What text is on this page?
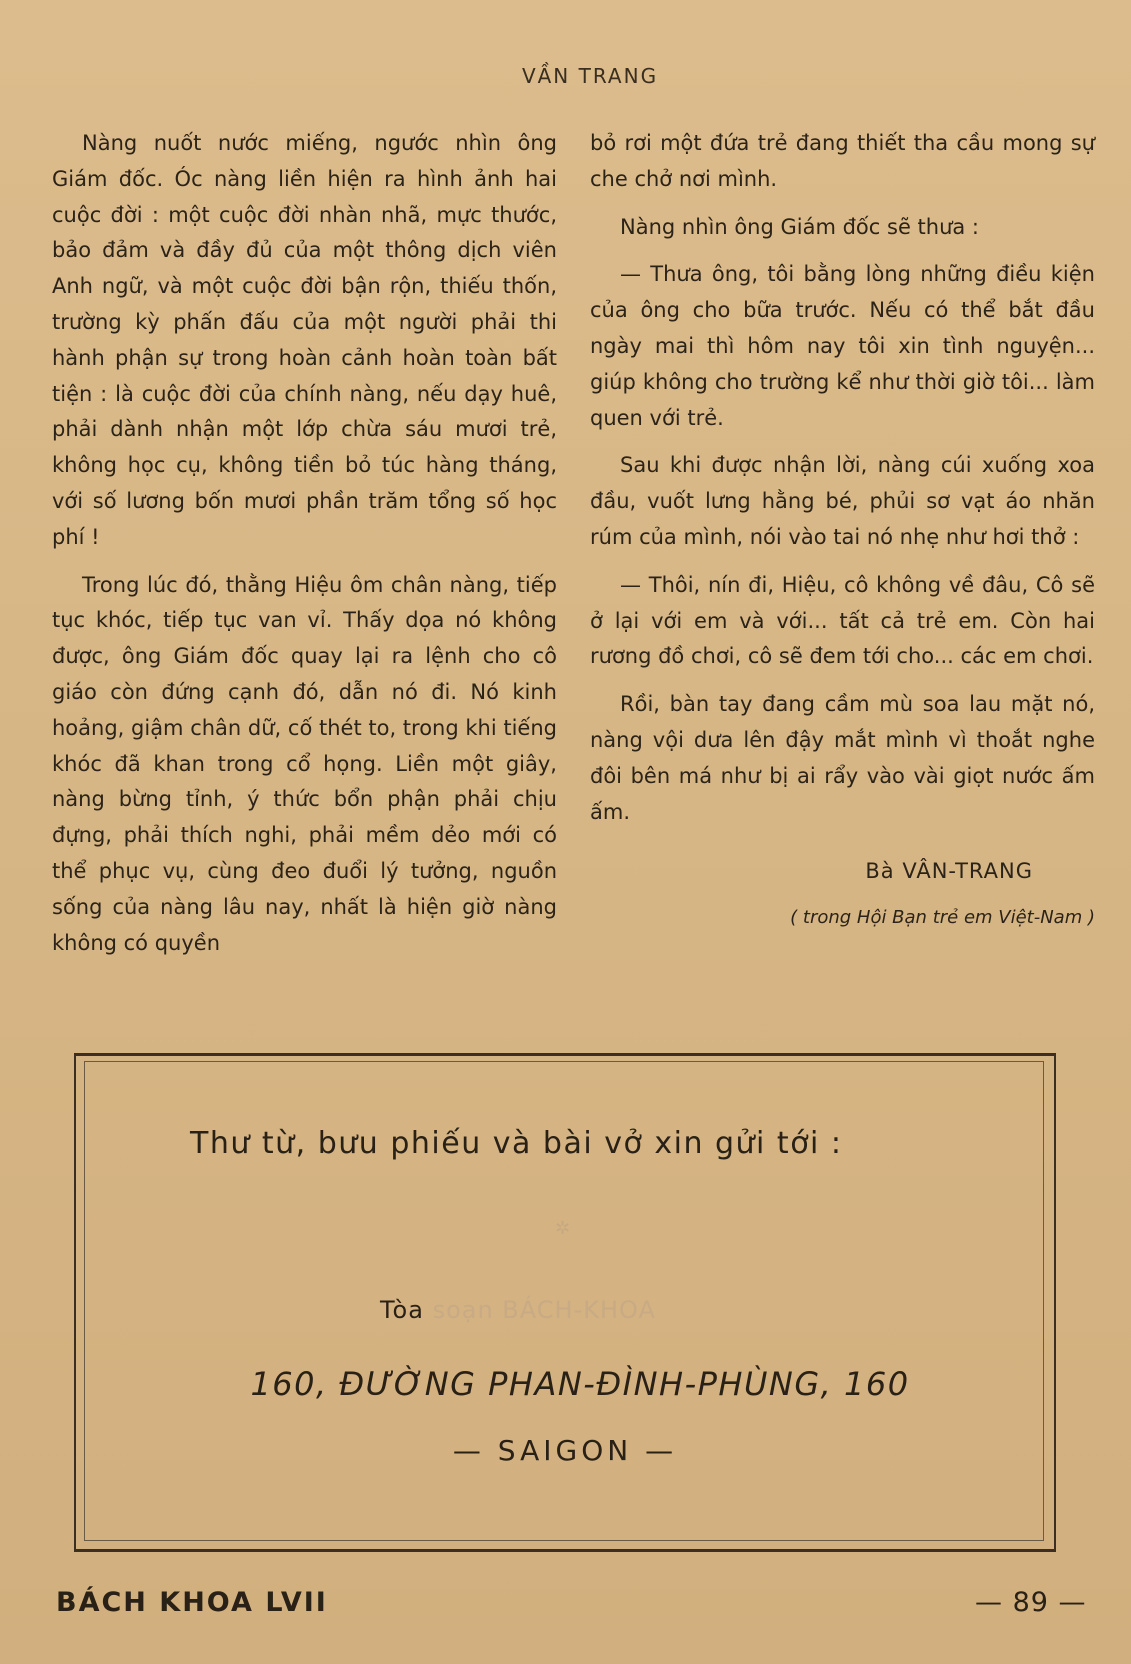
VẦN TRANG

Nàng nuốt nước miếng, ngước nhìn ông Giám đốc. Óc nàng liền hiện ra hình ảnh hai cuộc đời : một cuộc đời nhàn nhã, mực thước, bảo đảm và đầy đủ của một thông dịch viên Anh ngữ, và một cuộc đời bận rộn, thiếu thốn, trường kỳ phấn đấu của một người phải thi hành phận sự trong hoàn cảnh hoàn toàn bất tiện : là cuộc đời của chính nàng, nếu dạy huê, phải dành nhận một lớp chừa sáu mươi trẻ, không học cụ, không tiền bỏ túc hàng tháng, với số lương bốn mươi phần trăm tổng số học phí !

Trong lúc đó, thằng Hiệu ôm chân nàng, tiếp tục khóc, tiếp tục van vỉ. Thấy dọa nó không được, ông Giám đốc quay lại ra lệnh cho cô giáo còn đứng cạnh đó, dẫn nó đi. Nó kinh hoảng, giậm chân dữ, cố thét to, trong khi tiếng khóc đã khan trong cổ họng. Liền một giây, nàng bừng tỉnh, ý thức bổn phận phải chịu đựng, phải thích nghi, phải mềm dẻo mới có thể phục vụ, cùng đeo đuổi lý tưởng, nguồn sống của nàng lâu nay, nhất là hiện giờ nàng không có quyền

bỏ rơi một đứa trẻ đang thiết tha cầu mong sự che chở nơi mình.

Nàng nhìn ông Giám đốc sẽ thưa :

— Thưa ông, tôi bằng lòng những điều kiện của ông cho bữa trước. Nếu có thể bắt đầu ngày mai thì hôm nay tôi xin tình nguyện... giúp không cho trường kể như thời giờ tôi... làm quen với trẻ.

Sau khi được nhận lời, nàng cúi xuống xoa đầu, vuốt lưng hằng bé, phủi sơ vạt áo nhăn rúm của mình, nói vào tai nó nhẹ như hơi thở :

— Thôi, nín đi, Hiệu, cô không về đâu, Cô sẽ ở lại với em và với... tất cả trẻ em. Còn hai rương đồ chơi, cô sẽ đem tới cho... các em chơi.

Rồi, bàn tay đang cầm mù soa lau mặt nó, nàng vội dưa lên đậy mắt mình vì thoắt nghe đôi bên má như bị ai rẩy vào vài giọt nước ấm ấm.

Bà VÂN-TRANG
( trong Hội Bạn trẻ em Việt-Nam )
Thư từ, bưu phiếu và bài vở xin gửi tới :
✲
Tòa soạn BÁCH-KHOA
160, ĐƯỜNG PHAN-ĐÌNH-PHÙNG, 160
— SAIGON —
BÁCH KHOA LVII	— 89 —
